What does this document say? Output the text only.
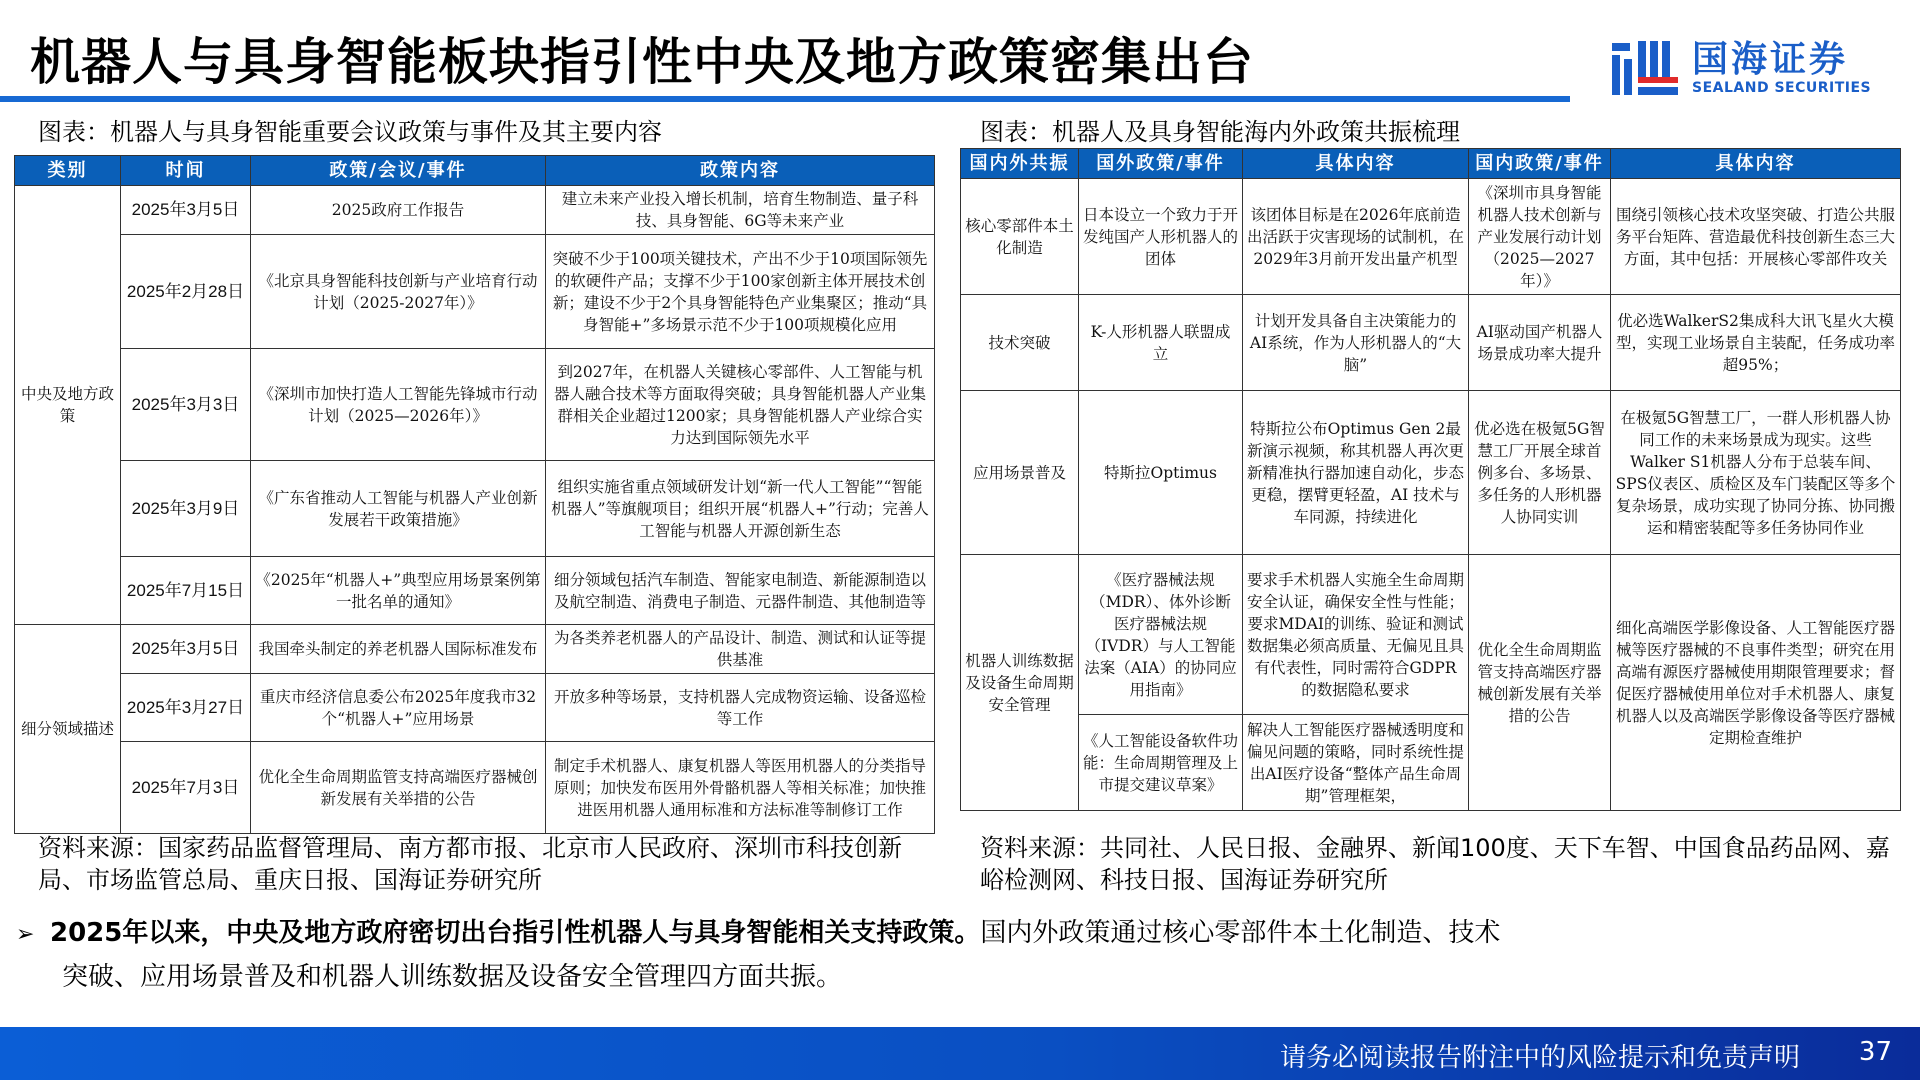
机器人与具身智能板块指引性中央及地方政策密集出台	国海证券
SEALAND SECURITIES
图表：机器人与具身智能重要会议政策与事件及其主要内容
类别	时间	政策/会议/事件	政策内容
中央及地方政策	2025年3月5日	2025政府工作报告	建立未来产业投入增长机制，培育生物制造、量子科技、具身智能、6G等未来产业
	2025年2月28日	《北京具身智能科技创新与产业培育行动计划（2025-2027年）》	突破不少于100项关键技术，产出不少于10项国际领先的软硬件产品；支撑不少于100家创新主体开展技术创新；建设不少于2个具身智能特色产业集聚区；推动“具身智能+”多场景示范不少于100项规模化应用
	2025年3月3日	《深圳市加快打造人工智能先锋城市行动计划（2025—2026年）》	到2027年，在机器人关键核心零部件、人工智能与机器人融合技术等方面取得突破；具身智能机器人产业集群相关企业超过1200家；具身智能机器人产业综合实力达到国际领先水平
	2025年3月9日	《广东省推动人工智能与机器人产业创新发展若干政策措施》	组织实施省重点领域研发计划“新一代人工智能”“智能机器人”等旗舰项目；组织开展“机器人+”行动；完善人工智能与机器人开源创新生态
	2025年7月15日	《2025年“机器人+”典型应用场景案例第一批名单的通知》	细分领域包括汽车制造、智能家电制造、新能源制造以及航空制造、消费电子制造、元器件制造、其他制造等
细分领域描述	2025年3月5日	我国牵头制定的养老机器人国际标准发布	为各类养老机器人的产品设计、制造、测试和认证等提供基准
	2025年3月27日	重庆市经济信息委公布2025年度我市32个“机器人+”应用场景	开放多种等场景，支持机器人完成物资运输、设备巡检等工作
	2025年7月3日	优化全生命周期监管支持高端医疗器械创新发展有关举措的公告	制定手术机器人、康复机器人等医用机器人的分类指导原则；加快发布医用外骨骼机器人等相关标准；加快推进医用机器人通用标准和方法标准等制修订工作
资料来源：国家药品监督管理局、南方都市报、北京市人民政府、深圳市科技创新局、市场监管总局、重庆日报、国海证券研究所
图表：机器人及具身智能海内外政策共振梳理
国内外共振	国外政策/事件	具体内容	国内政策/事件	具体内容
核心零部件本土化制造	日本设立一个致力于开发纯国产人形机器人的团体	该团体目标是在2026年底前造出活跃于灾害现场的试制机，在2029年3月前开发出量产机型	《深圳市具身智能机器人技术创新与产业发展行动计划（2025—2027年）》	围绕引领核心技术攻坚突破、打造公共服务平台矩阵、营造最优科技创新生态三大方面，其中包括：开展核心零部件攻关
技术突破	K-人形机器人联盟成立	计划开发具备自主决策能力的AI系统，作为人形机器人的“大脑”	AI驱动国产机器人场景成功率大提升	优必选WalkerS2集成科大讯飞星火大模型，实现工业场景自主装配，任务成功率超95%；
应用场景普及	特斯拉Optimus	特斯拉公布Optimus Gen 2最新演示视频，称其机器人再次更新精准执行器加速自动化，步态更稳，摆臂更轻盈，AI 技术与车同源，持续进化	优必选在极氪5G智慧工厂开展全球首例多台、多场景、多任务的人形机器人协同实训	在极氪5G智慧工厂，一群人形机器人协同工作的未来场景成为现实。这些Walker S1机器人分布于总装车间、SPS仪表区、质检区及车门装配区等多个复杂场景，成功实现了协同分拣、协同搬运和精密装配等多任务协同作业
机器人训练数据及设备生命周期安全管理	《医疗器械法规（MDR）、体外诊断医疗器械法规（IVDR）与人工智能法案（AIA）的协同应用指南》	要求手术机器人实施全生命周期安全认证，确保安全性与性能；要求MDAI的训练、验证和测试数据集必须高质量、无偏见且具有代表性，同时需符合GDPR的数据隐私要求	优化全生命周期监管支持高端医疗器械创新发展有关举措的公告	细化高端医学影像设备、人工智能医疗器械等医疗器械的不良事件类型；研究在用高端有源医疗器械使用期限管理要求；督促医疗器械使用单位对手术机器人、康复机器人以及高端医学影像设备等医疗器械定期检查维护
	《人工智能设备软件功能：生命周期管理及上市提交建议草案》	解决人工智能医疗器械透明度和偏见问题的策略，同时系统性提出AI医疗设备“整体产品生命周期”管理框架，		
资料来源：共同社、人民日报、金融界、新闻100度、天下车智、中国食品药品网、嘉峪检测网、科技日报、国海证券研究所
➢ 2025年以来，中央及地方政府密切出台指引性机器人与具身智能相关支持政策。国内外政策通过核心零部件本土化制造、技术
突破、应用场景普及和机器人训练数据及设备安全管理四方面共振。
请务必阅读报告附注中的风险提示和免责声明 37
